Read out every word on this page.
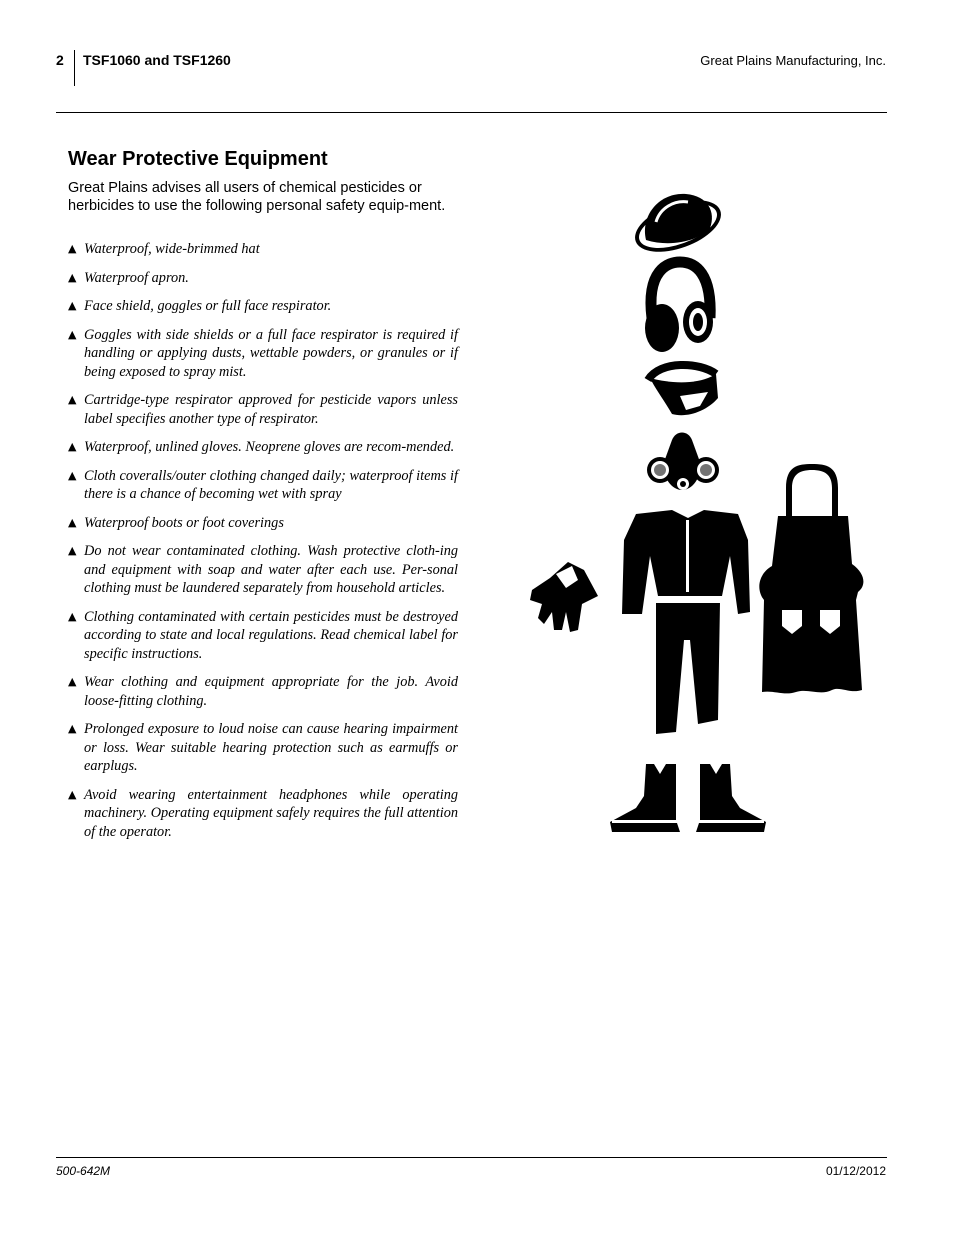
2 TSF1060 and TSF1260	Great Plains Manufacturing, Inc.
Wear Protective Equipment
Great Plains advises all users of chemical pesticides or herbicides to use the following personal safety equip-ment.
▲ Waterproof, wide-brimmed hat
▲ Waterproof apron.
▲ Face shield, goggles or full face respirator.
▲ Goggles with side shields or a full face respirator is required if handling or applying dusts, wettable powders, or granules or if being exposed to spray mist.
▲ Cartridge-type respirator approved for pesticide vapors unless label specifies another type of respirator.
▲ Waterproof, unlined gloves. Neoprene gloves are recom-mended.
▲ Cloth coveralls/outer clothing changed daily; waterproof items if there is a chance of becoming wet with spray
▲ Waterproof boots or foot coverings
▲ Do not wear contaminated clothing. Wash protective cloth-ing and equipment with soap and water after each use. Per-sonal clothing must be laundered separately from household articles.
▲ Clothing contaminated with certain pesticides must be destroyed according to state and local regulations. Read chemical label for specific instructions.
▲ Wear clothing and equipment appropriate for the job. Avoid loose-fitting clothing.
▲ Prolonged exposure to loud noise can cause hearing impairment or loss. Wear suitable hearing protection such as earmuffs or earplugs.
▲ Avoid wearing entertainment headphones while operating machinery. Operating equipment safely requires the full attention of the operator.
500-642M	01/12/2012
